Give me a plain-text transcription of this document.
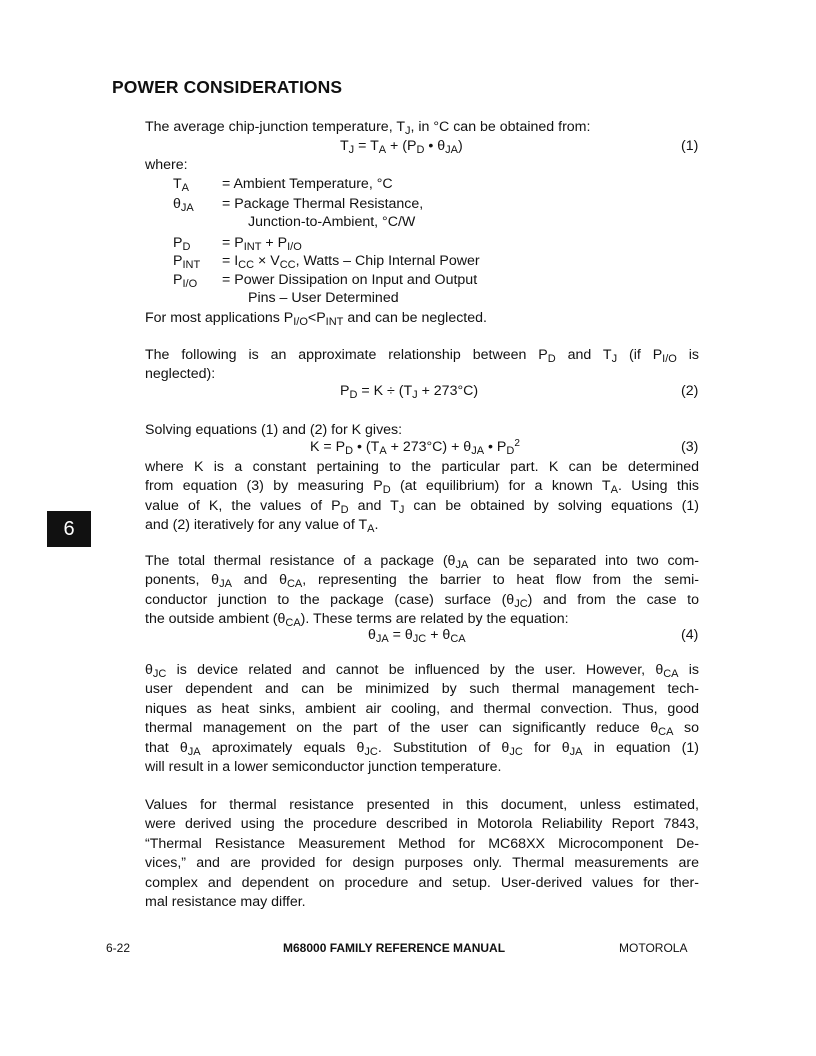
POWER CONSIDERATIONS
The average chip-junction temperature, $T_J$, in °C can be obtained from:
$T_J = T_A + (P_D$ • $\theta_{JA}$)	(1)
where:
$T_A$ = Ambient Temperature, °C
$\theta_{JA}$ = Package Thermal Resistance,
Junction-to-Ambient, °C/W
$P_D = P_{INT} + P_{I/O}$
$P_{INT} = I_{CC} \times V_{CC}$, Watts – Chip Internal Power
$P_{I/O}$ = Power Dissipation on Input and Output
Pins – User Determined
For most applications $P_{I/O}<P_{INT}$ and can be neglected.
The following is an approximate relationship between $P_D$ and $T_J$ (if $P_{I/O}$ is
neglected):
$P_D = K \div (T_J + 273^\circ C)$	(2)
Solving equations (1) and (2) for K gives:
$K = P_D$ • $(T_A + 273^\circ C) + \theta_{JA}$ • $P_D^2$	(3)
where K is a constant pertaining to the particular part. K can be determined
from equation (3) by measuring $P_D$ (at equilibrium) for a known $T_A$. Using this
value of K, the values of $P_D$ and $T_J$ can be obtained by solving equations (1)
and (2) iteratively for any value of $T_A$.
6
The total thermal resistance of a package ($\theta_{JA}$ can be separated into two com-
ponents, $\theta_{JA}$ and $\theta_{CA}$, representing the barrier to heat flow from the semi-
conductor junction to the package (case) surface $(\theta_{JC})$ and from the case to
the outside ambient $(\theta_{CA})$. These terms are related by the equation:
$\theta_{JA} = \theta_{JC} + \theta_{CA}$	(4)
$\theta_{JC}$ is device related and cannot be influenced by the user. However, $\theta_{CA}$ is
user dependent and can be minimized by such thermal management tech-
niques as heat sinks, ambient air cooling, and thermal convection. Thus, good
thermal management on the part of the user can significantly reduce $\theta_{CA}$ so
that $\theta_{JA}$ aproximately equals $\theta_{JC}$. Substitution of $\theta_{JC}$ for $\theta_{JA}$ in equation (1)
will result in a lower semiconductor junction temperature.
Values for thermal resistance presented in this document, unless estimated,
were derived using the procedure described in Motorola Reliability Report 7843,
“Thermal Resistance Measurement Method for MC68XX Microcomponent De-
vices,” and are provided for design purposes only. Thermal measurements are
complex and dependent on procedure and setup. User-derived values for ther-
mal resistance may differ.
6-22	M68000 FAMILY REFERENCE MANUAL	MOTOROLA
